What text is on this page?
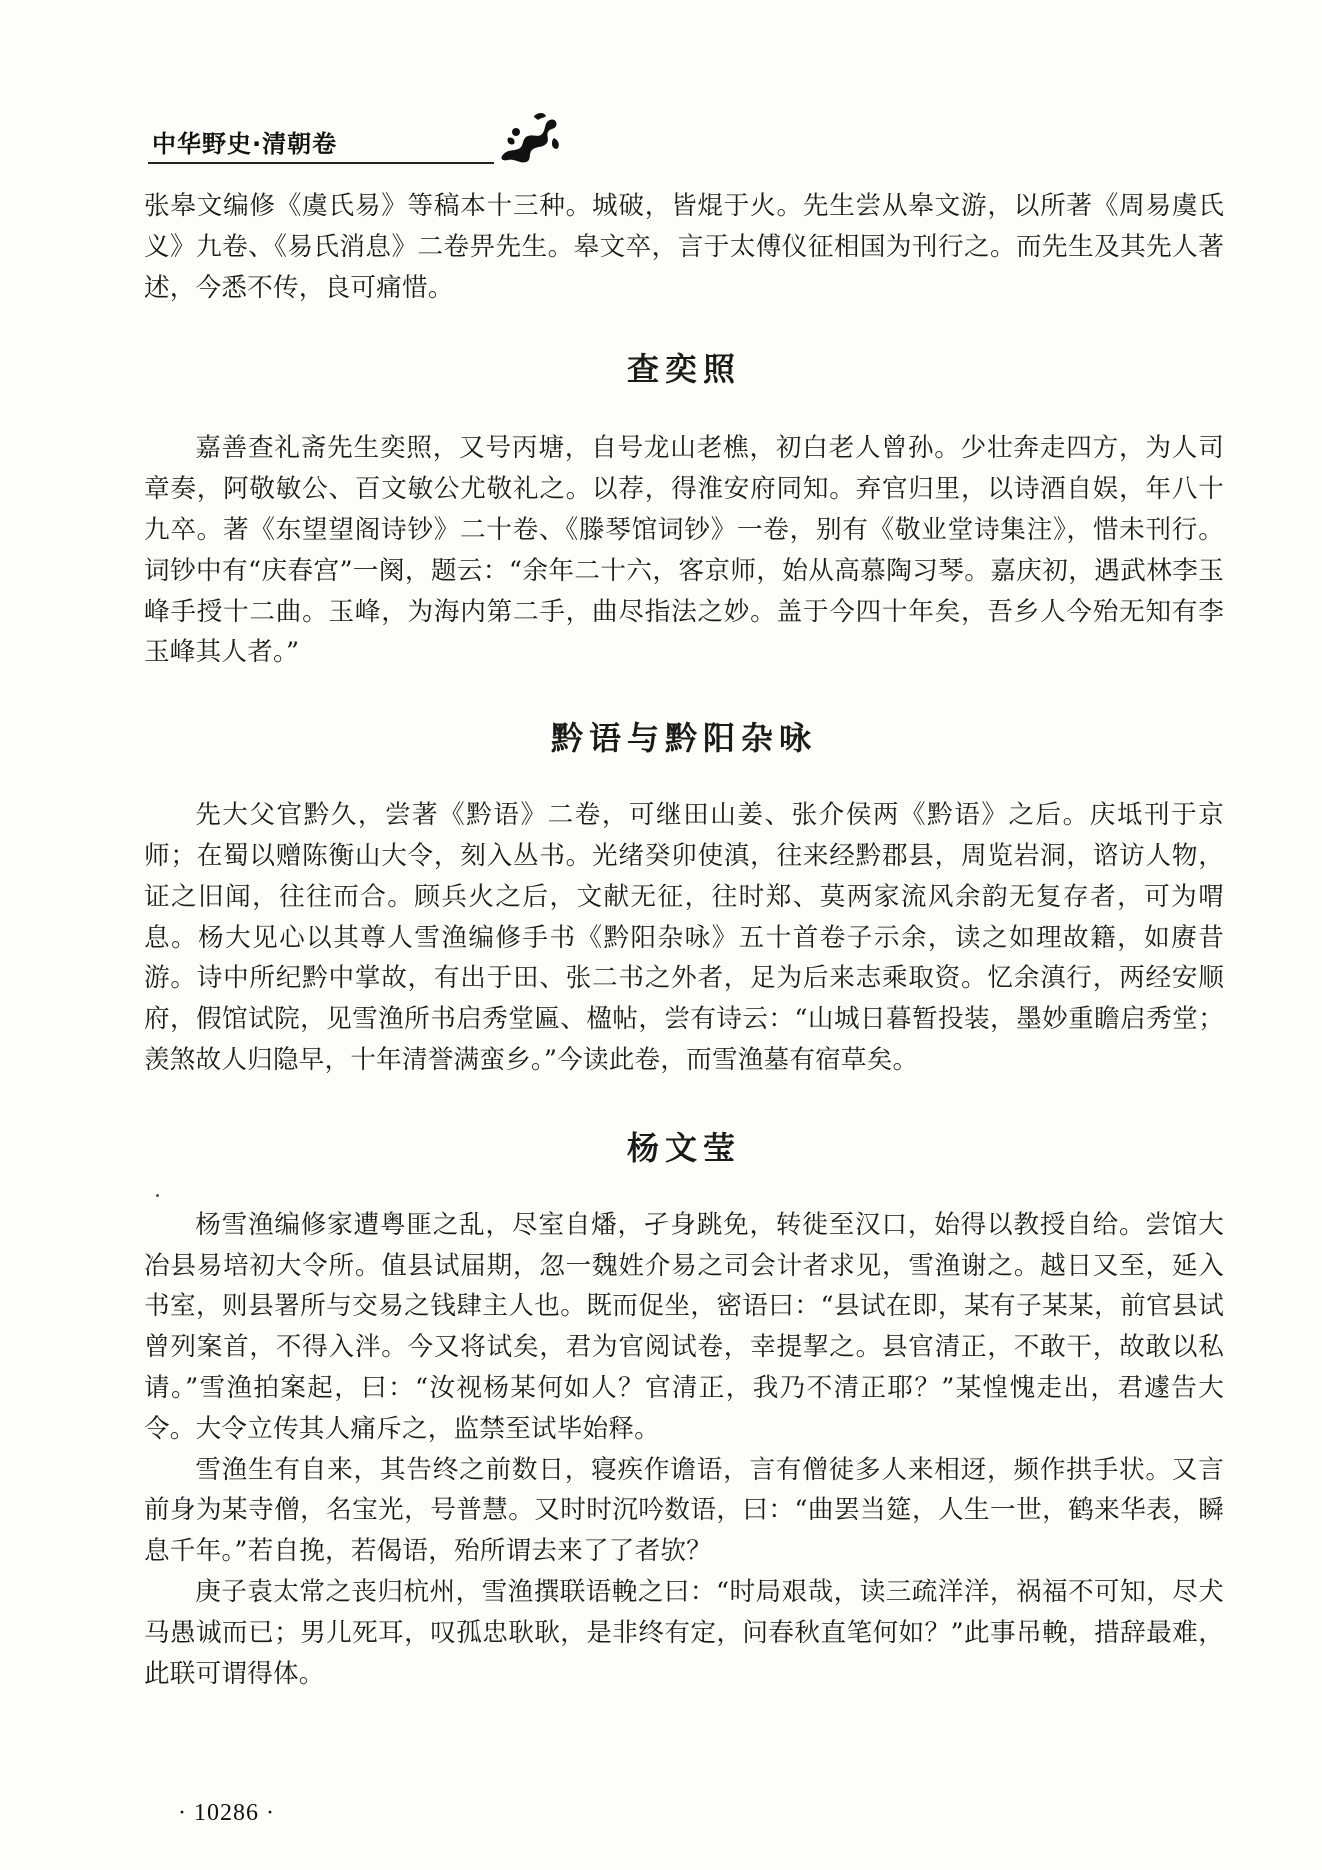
中华野史·清朝卷

张皋文编修《虞氏易》等稿本十三种。城破，皆焜于火。先生尝从皋文游，以所著《周易虞氏义》九卷、《易氏消息》二卷畀先生。皋文卒，言于太傅仪征相国为刊行之。而先生及其先人著述，今悉不传，良可痛惜。

查奕照

嘉善查礼斋先生奕照，又号丙塘，自号龙山老樵，初白老人曾孙。少壮奔走四方，为人司章奏，阿敬敏公、百文敏公尤敬礼之。以荐，得淮安府同知。弃官归里，以诗酒自娱，年八十九卒。著《东望望阁诗钞》二十卷、《滕琴馆词钞》一卷，别有《敬业堂诗集注》，惜未刊行。词钞中有“庆春宫”一阕，题云：“余年二十六，客京师，始从高慕陶习琴。嘉庆初，遇武林李玉峰手授十二曲。玉峰，为海内第二手，曲尽指法之妙。盖于今四十年矣，吾乡人今殆无知有李玉峰其人者。”

黔语与黔阳杂咏

先大父官黔久，尝著《黔语》二卷，可继田山姜、张介侯两《黔语》之后。庆坻刊于京师；在蜀以赠陈衡山大令，刻入丛书。光绪癸卯使滇，往来经黔郡县，周览岩洞，谘访人物，证之旧闻，往往而合。顾兵火之后，文献无征，往时郑、莫两家流风余韵无复存者，可为喟息。杨大见心以其尊人雪渔编修手书《黔阳杂咏》五十首卷子示余，读之如理故籍，如赓昔游。诗中所纪黔中掌故，有出于田、张二书之外者，足为后来志乘取资。忆余滇行，两经安顺府，假馆试院，见雪渔所书启秀堂匾、楹帖，尝有诗云：“山城日暮暂投装，墨妙重瞻启秀堂；羡煞故人归隐早，十年清誉满蛮乡。”今读此卷，而雪渔墓有宿草矣。

杨文莹

杨雪渔编修家遭粤匪之乱，尽室自燔，孑身跳免，转徙至汉口，始得以教授自给。尝馆大冶县易培初大令所。值县试届期，忽一魏姓介易之司会计者求见，雪渔谢之。越日又至，延入书室，则县署所与交易之钱肆主人也。既而促坐，密语曰：“县试在即，某有子某某，前官县试曾列案首，不得入泮。今又将试矣，君为官阅试卷，幸提挈之。县官清正，不敢干，故敢以私请。”雪渔拍案起，曰：“汝视杨某何如人？官清正，我乃不清正耶？”某惶愧走出，君遽告大令。大令立传其人痛斥之，监禁至试毕始释。

雪渔生有自来，其告终之前数日，寝疾作谵语，言有僧徒多人来相迓，频作拱手状。又言前身为某寺僧，名宝光，号普慧。又时时沉吟数语，曰：“曲罢当筵，人生一世，鹤来华表，瞬息千年。”若自挽，若偈语，殆所谓去来了了者欤？

庚子袁太常之丧归杭州，雪渔撰联语輓之曰：“时局艰哉，读三疏洋洋，祸福不可知，尽犬马愚诚而已；男儿死耳，叹孤忠耿耿，是非终有定，问春秋直笔何如？”此事吊輓，措辞最难，此联可谓得体。

· 10286 ·
